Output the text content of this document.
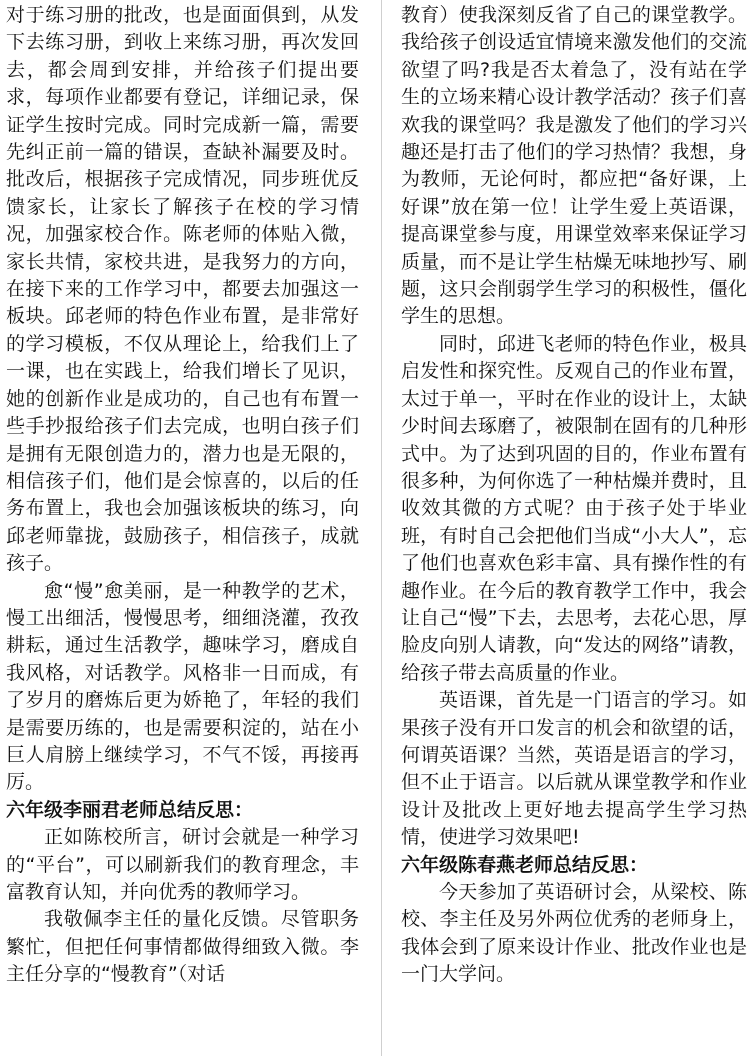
对于练习册的批改，也是面面俱到，从发下去练习册，到收上来练习册，再次发回去，都会周到安排，并给孩子们提出要求，每项作业都要有登记，详细记录，保证学生按时完成。同时完成新一篇，需要先纠正前一篇的错误，查缺补漏要及时。批改后，根据孩子完成情况，同步班优反馈家长，让家长了解孩子在校的学习情况，加强家校合作。陈老师的体贴入微，家长共情，家校共进，是我努力的方向，在接下来的工作学习中，都要去加强这一板块。邱老师的特色作业布置，是非常好的学习模板，不仅从理论上，给我们上了一课，也在实践上，给我们增长了见识，她的创新作业是成功的，自己也有布置一些手抄报给孩子们去完成，也明白孩子们是拥有无限创造力的，潜力也是无限的，相信孩子们，他们是会惊喜的，以后的任务布置上，我也会加强该板块的练习，向邱老师靠拢，鼓励孩子，相信孩子，成就孩子。

愈“慢”愈美丽，是一种教学的艺术，慢工出细活，慢慢思考，细细浇灌，孜孜耕耘，通过生活教学，趣味学习，磨成自我风格，对话教学。风格非一日而成，有了岁月的磨炼后更为娇艳了，年轻的我们是需要历练的，也是需要积淀的，站在小巨人肩膀上继续学习，不气不馁，再接再厉。

六年级李丽君老师总结反思：

正如陈校所言，研讨会就是一种学习的“平台”，可以刷新我们的教育理念，丰富教育认知，并向优秀的教师学习。

我敬佩李主任的量化反馈。尽管职务繁忙，但把任何事情都做得细致入微。李主任分享的“慢教育”（对话

教育）使我深刻反省了自己的课堂教学。我给孩子创设适宜情境来激发他们的交流欲望了吗?我是否太着急了，没有站在学生的立场来精心设计教学活动？孩子们喜欢我的课堂吗？我是激发了他们的学习兴趣还是打击了他们的学习热情？我想，身为教师，无论何时，都应把“备好课，上好课”放在第一位！让学生爱上英语课，提高课堂参与度，用课堂效率来保证学习质量，而不是让学生枯燥无味地抄写、刷题，这只会削弱学生学习的积极性，僵化学生的思想。

同时，邱进飞老师的特色作业，极具启发性和探究性。反观自己的作业布置，太过于单一，平时在作业的设计上，太缺少时间去琢磨了，被限制在固有的几种形式中。为了达到巩固的目的，作业布置有很多种，为何你选了一种枯燥并费时，且收效其微的方式呢？由于孩子处于毕业班，有时自己会把他们当成“小大人”，忘了他们也喜欢色彩丰富、具有操作性的有趣作业。在今后的教育教学工作中，我会让自己“慢”下去，去思考，去花心思，厚脸皮向别人请教，向“发达的网络”请教，给孩子带去高质量的作业。

英语课，首先是一门语言的学习。如果孩子没有开口发言的机会和欲望的话，何谓英语课？当然，英语是语言的学习，但不止于语言。以后就从课堂教学和作业设计及批改上更好地去提高学生学习热情，使进学习效果吧!

六年级陈春燕老师总结反思：

今天参加了英语研讨会，从梁校、陈校、李主任及另外两位优秀的老师身上，我体会到了原来设计作业、批改作业也是一门大学问。
